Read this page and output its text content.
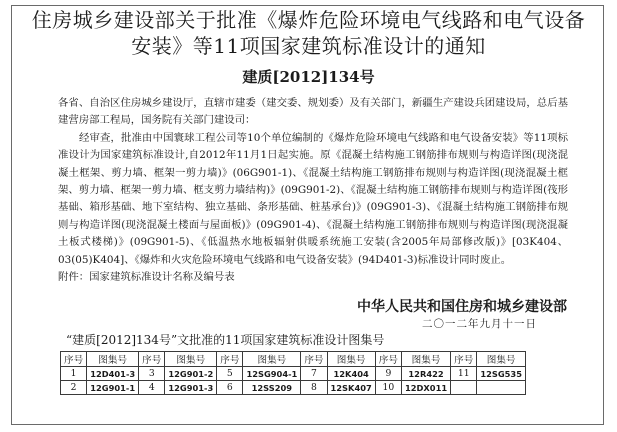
住房城乡建设部关于批准《爆炸危险环境电气线路和电气设备
安装》等11项国家建筑标准设计的通知
建质[2012]134号

各省、自治区住房城乡建设厅，直辖市建委（建交委、规划委）及有关部门，新疆生产建设兵团建设局，总后基建营房部工程局，国务院有关部门建设司：

经审查，批准由中国寰球工程公司等10个单位编制的《爆炸危险环境电气线路和电气设备安装》等11项标准设计为国家建筑标准设计,自2012年11月1日起实施。原《混凝土结构施工钢筋排布规则与构造详图(现浇混凝土框架、剪力墙、框架一剪力墙)》(06G901-1)、《混凝土结构施工钢筋排布规则与构造详图(现浇混凝土框架、剪力墙、框架一剪力墙、框支剪力墙结构)》(09G901-2)、《混凝土结构施工钢筋排布规则与构造详图(筏形基础、箱形基础、地下室结构、独立基础、条形基础、桩基承台)》(09G901-3)、《混凝土结构施工钢筋排布规则与构造详图(现浇混凝土楼面与屋面板)》(09G901-4)、《混凝土结构施工钢筋排布规则与构造详图(现浇混凝土板式楼梯)》(09G901-5)、《低温热水地板辐射供暖系统施工安装(含2005年局部修改版)》[03K404、03(05)K404]、《爆炸和火灾危险环境电气线路和电气设备安装》(94D401-3)标准设计同时废止。

附件：国家建筑标准设计名称及编号表

中华人民共和国住房和城乡建设部
二〇一二年九月十一日
“建质[2012]134号”文批准的11项国家建筑标准设计图集号
序号	图集号	序号	图集号	序号	图集号	序号	图集号	序号	图集号	序号	图集号
1	12D401-3	3	12G901-2	5	12SG904-1	7	12K404	9	12R422	11	12SG535
2	12G901-1	4	12G901-3	6	12SS209	8	12SK407	10	12DX011		
